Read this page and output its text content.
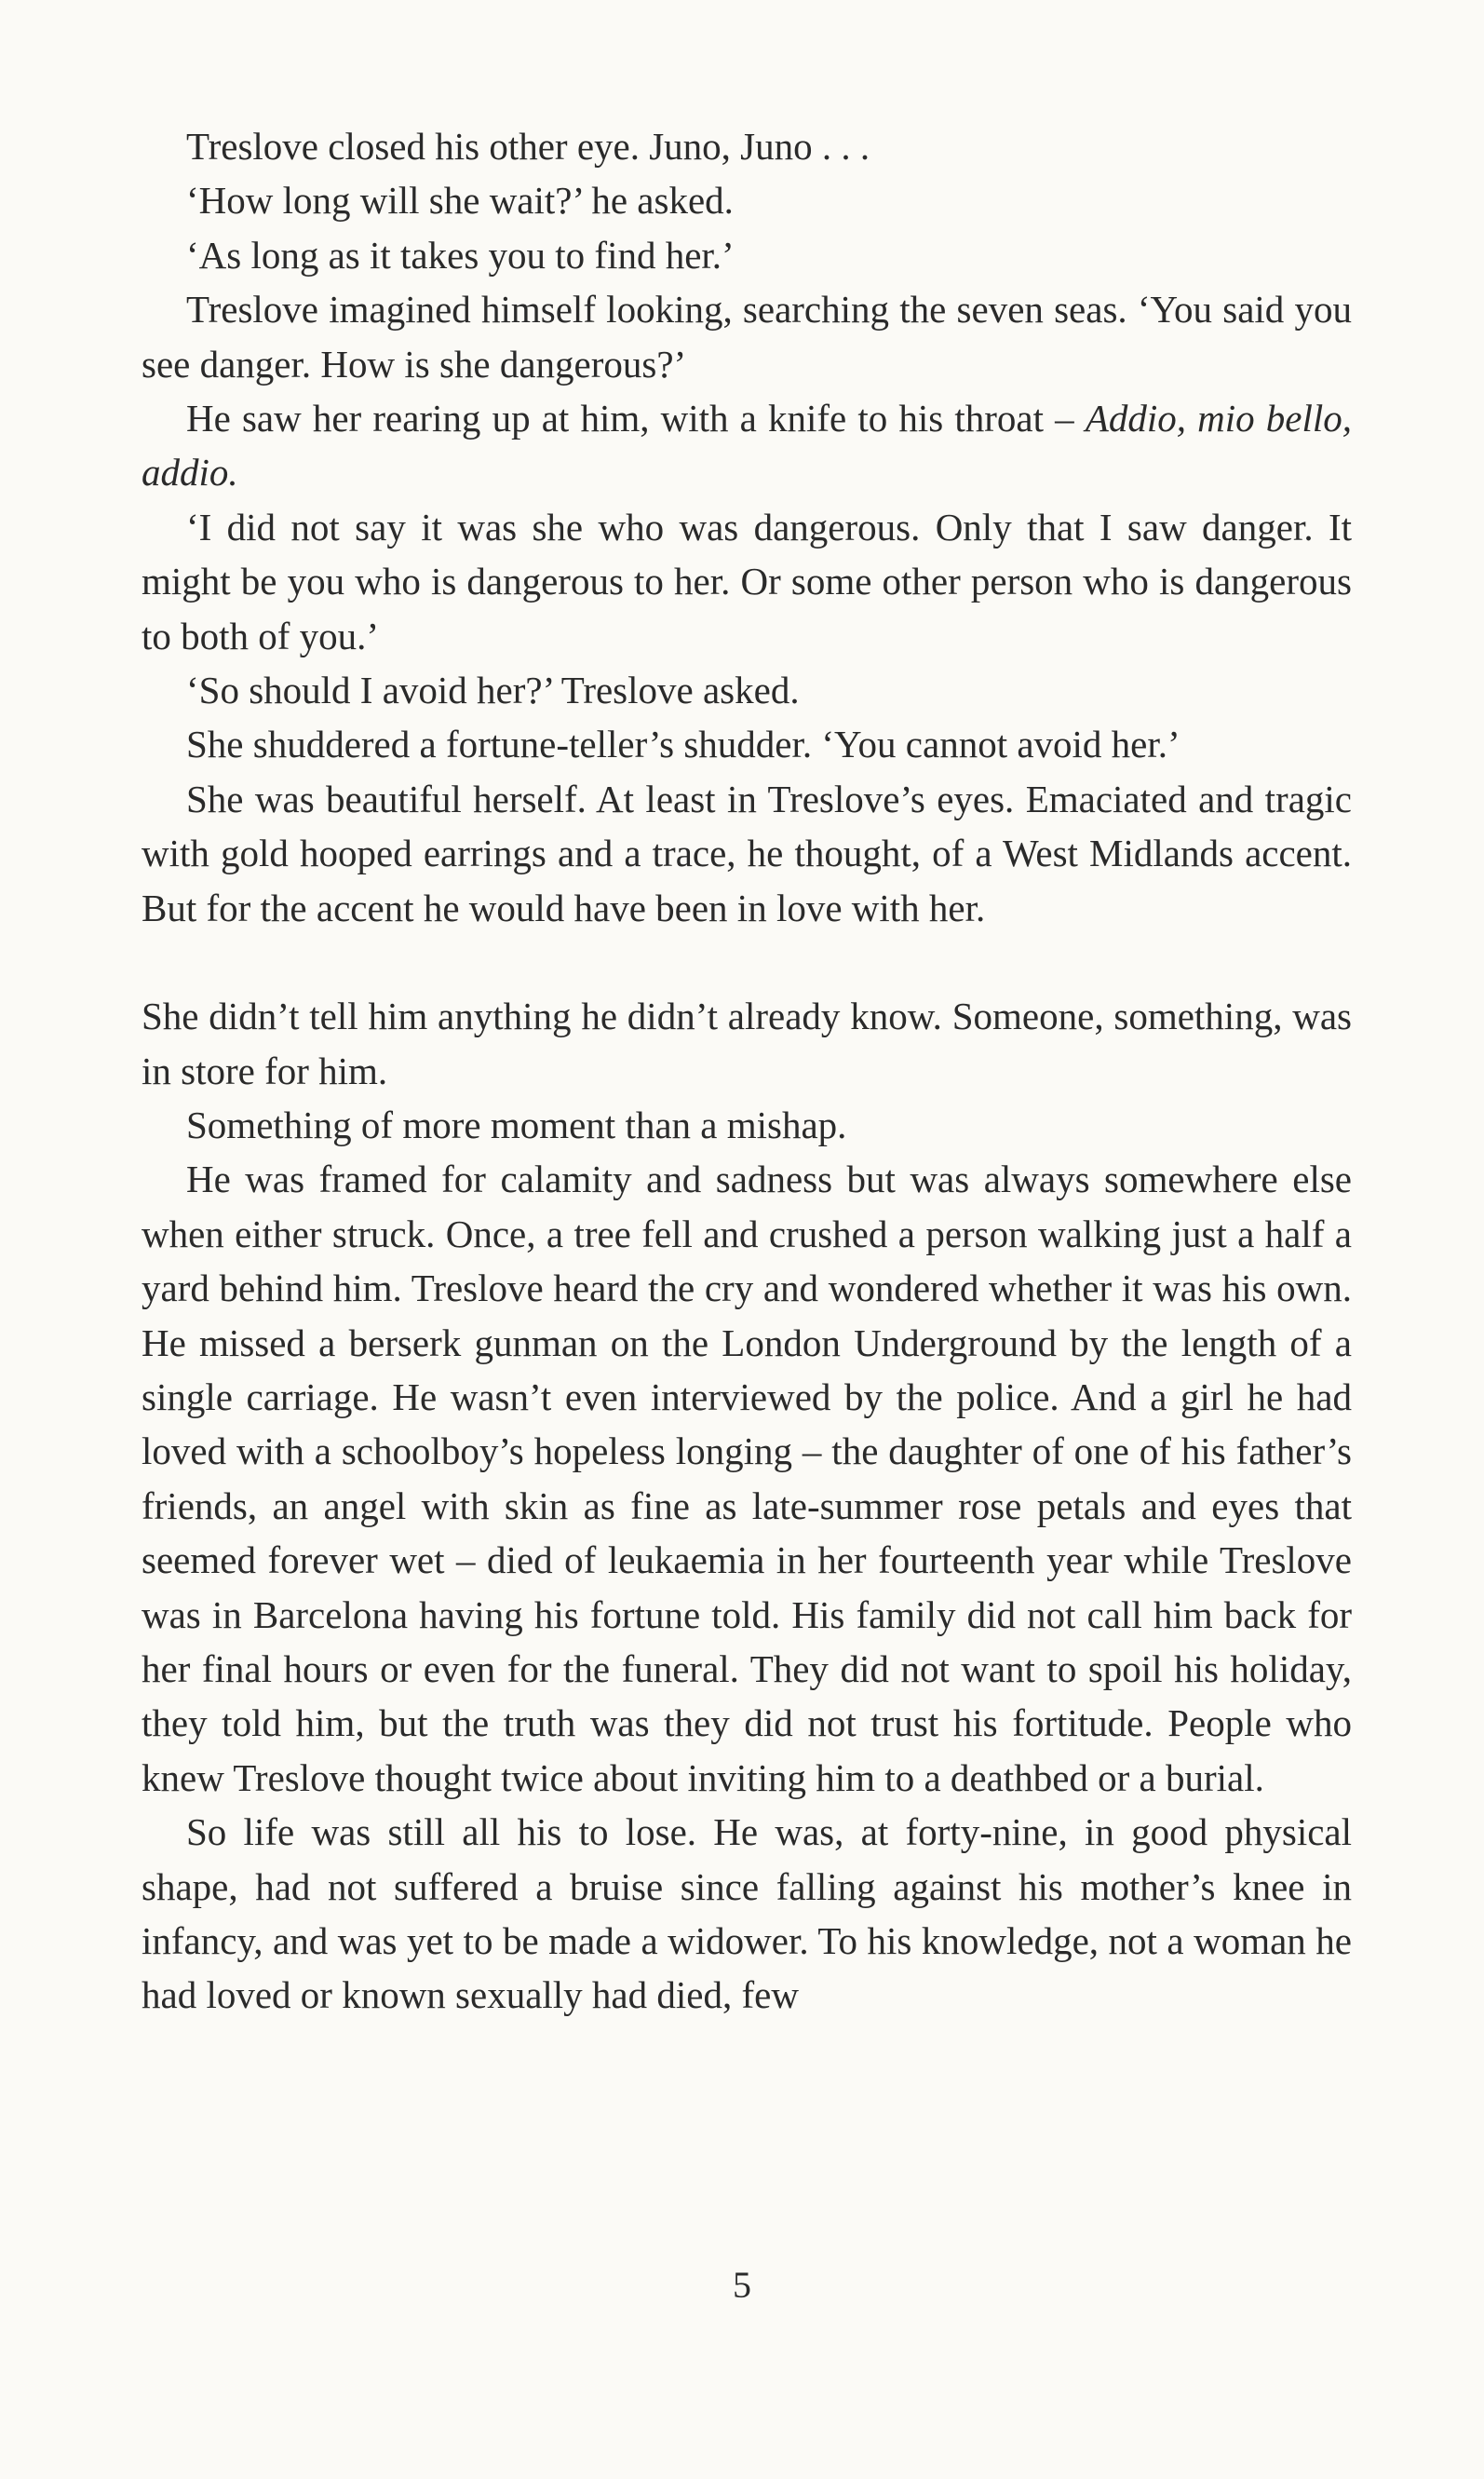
Treslove closed his other eye. Juno, Juno . . .

‘How long will she wait?’ he asked.

‘As long as it takes you to find her.’

Treslove imagined himself looking, searching the seven seas. ‘You said you see danger. How is she dangerous?’

He saw her rearing up at him, with a knife to his throat – Addio, mio bello, addio.

‘I did not say it was she who was dangerous. Only that I saw danger. It might be you who is dangerous to her. Or some other person who is dangerous to both of you.’

‘So should I avoid her?’ Treslove asked.

She shuddered a fortune-teller’s shudder. ‘You cannot avoid her.’

She was beautiful herself. At least in Treslove’s eyes. Emaciated and tragic with gold hooped earrings and a trace, he thought, of a West Midlands accent. But for the accent he would have been in love with her.

She didn’t tell him anything he didn’t already know. Someone, something, was in store for him.

Something of more moment than a mishap.

He was framed for calamity and sadness but was always somewhere else when either struck. Once, a tree fell and crushed a person walking just a half a yard behind him. Treslove heard the cry and wondered whether it was his own. He missed a berserk gunman on the London Underground by the length of a single carriage. He wasn’t even interviewed by the police. And a girl he had loved with a schoolboy’s hopeless longing – the daughter of one of his father’s friends, an angel with skin as fine as late-summer rose petals and eyes that seemed forever wet – died of leukaemia in her fourteenth year while Treslove was in Barcelona having his fortune told. His family did not call him back for her final hours or even for the funeral. They did not want to spoil his holiday, they told him, but the truth was they did not trust his fortitude. People who knew Treslove thought twice about inviting him to a deathbed or a burial.

So life was still all his to lose. He was, at forty-nine, in good physical shape, had not suffered a bruise since falling against his mother’s knee in infancy, and was yet to be made a widower. To his knowledge, not a woman he had loved or known sexually had died, few

5
